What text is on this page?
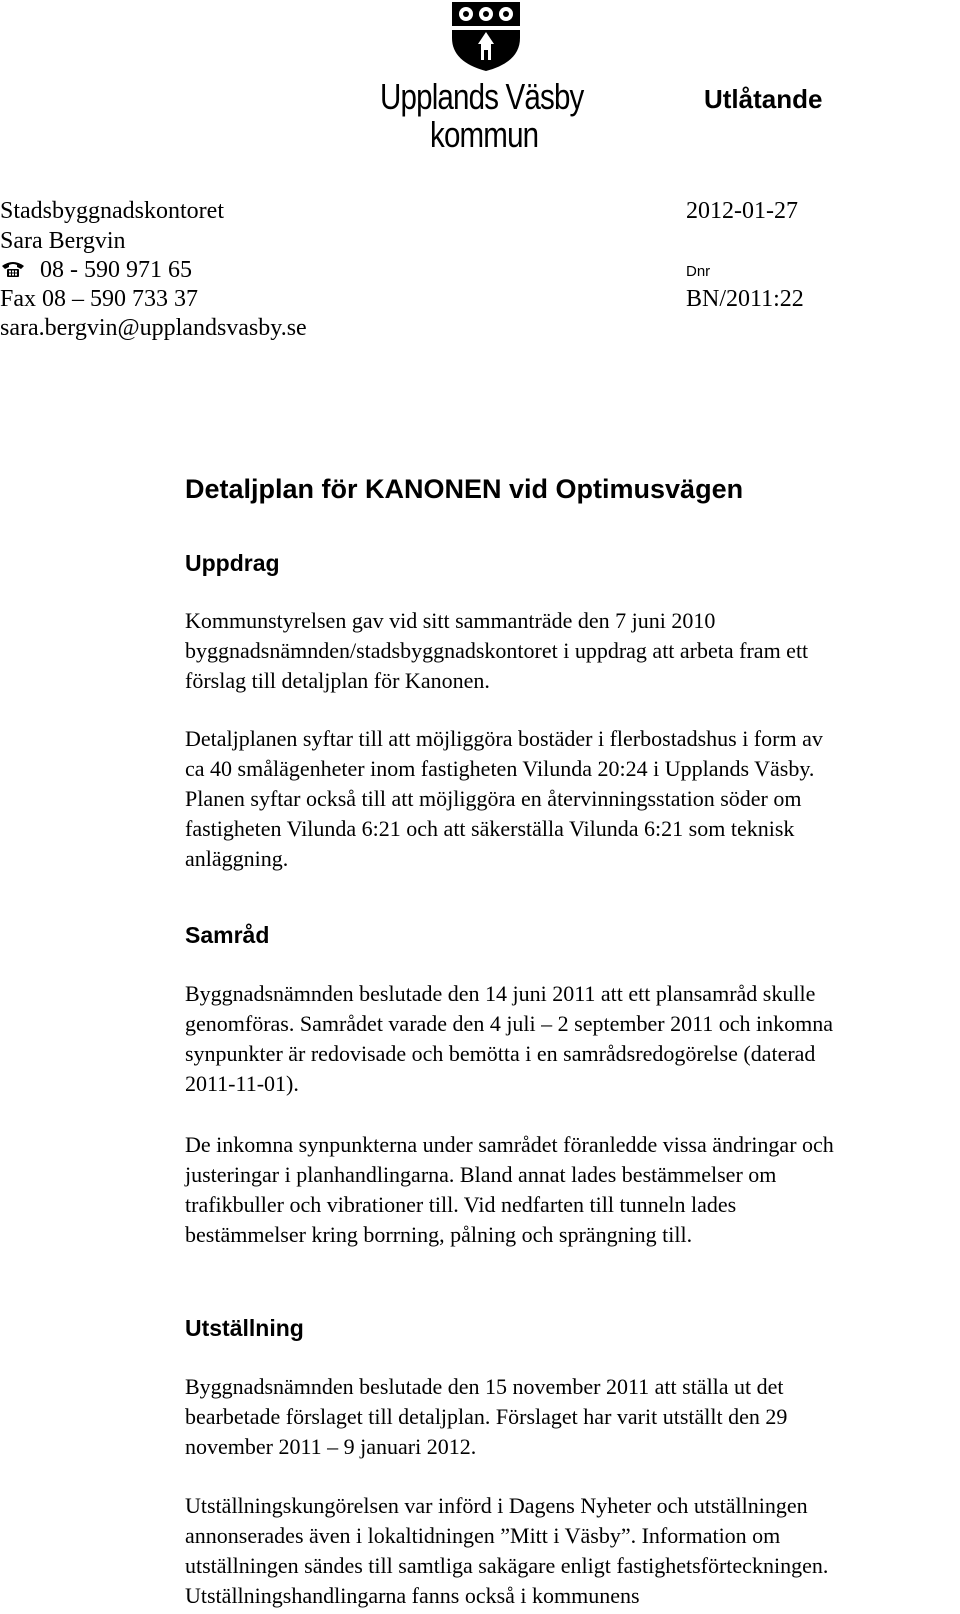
Upplands Väsby
kommun
Utlåtande
Stadsbyggnadskontoret
Sara Bergvin
08 - 590 971 65
Fax 08 – 590 733 37
sara.bergvin@upplandsvasby.se
2012-01-27
Dnr
BN/2011:22
Detaljplan för KANONEN vid Optimusvägen
Uppdrag
Kommunstyrelsen gav vid sitt sammanträde den 7 juni 2010
byggnadsnämnden/stadsbyggnadskontoret i uppdrag att arbeta fram ett
förslag till detaljplan för Kanonen.
Detaljplanen syftar till att möjliggöra bostäder i flerbostadshus i form av
ca 40 smålägenheter inom fastigheten Vilunda 20:24 i Upplands Väsby.
Planen syftar också till att möjliggöra en återvinningsstation söder om
fastigheten Vilunda 6:21 och att säkerställa Vilunda 6:21 som teknisk
anläggning.
Samråd
Byggnadsnämnden beslutade den 14 juni 2011 att ett plansamråd skulle
genomföras. Samrådet varade den 4 juli – 2 september 2011 och inkomna
synpunkter är redovisade och bemötta i en samrådsredogörelse (daterad
2011-11-01).
De inkomna synpunkterna under samrådet föranledde vissa ändringar och
justeringar i planhandlingarna. Bland annat lades bestämmelser om
trafikbuller och vibrationer till. Vid nedfarten till tunneln lades
bestämmelser kring borrning, pålning och sprängning till.
Utställning
Byggnadsnämnden beslutade den 15 november 2011 att ställa ut det
bearbetade förslaget till detaljplan. Förslaget har varit utställt den 29
november 2011 – 9 januari 2012.
Utställningskungörelsen var införd i Dagens Nyheter och utställningen
annonserades även i lokaltidningen ”Mitt i Väsby”. Information om
utställningen sändes till samtliga sakägare enligt fastighetsförteckningen.
Utställningshandlingarna fanns också i kommunens
